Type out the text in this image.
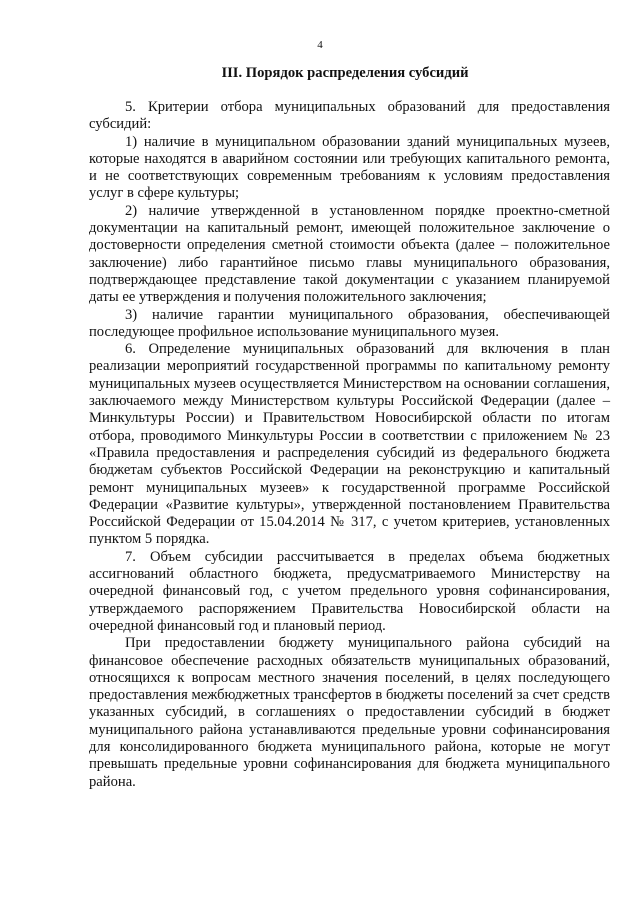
4
III. Порядок распределения субсидий

5. Критерии отбора муниципальных образований для предоставления субсидий:

1) наличие в муниципальном образовании зданий муниципальных музеев, которые находятся в аварийном состоянии или требующих капитального ремонта, и не соответствующих современным требованиям к условиям предоставления услуг в сфере культуры;

2) наличие утвержденной в установленном порядке проектно-сметной документации на капитальный ремонт, имеющей положительное заключение о достоверности определения сметной стоимости объекта (далее – положительное заключение) либо гарантийное письмо главы муниципального образования, подтверждающее представление такой документации с указанием планируемой даты ее утверждения и получения положительного заключения;

3) наличие гарантии муниципального образования, обеспечивающей последующее профильное использование муниципального музея.

6. Определение муниципальных образований для включения в план реализации мероприятий государственной программы по капитальному ремонту муниципальных музеев осуществляется Министерством на основании соглашения, заключаемого между Министерством культуры Российской Федерации (далее – Минкультуры России) и Правительством Новосибирской области по итогам отбора, проводимого Минкультуры России в соответствии с приложением № 23 «Правила предоставления и распределения субсидий из федерального бюджета бюджетам субъектов Российской Федерации на реконструкцию и капитальный ремонт муниципальных музеев» к государственной программе Российской Федерации «Развитие культуры», утвержденной постановлением Правительства Российской Федерации от 15.04.2014 № 317, с учетом критериев, установленных пунктом 5 порядка.

7. Объем субсидии рассчитывается в пределах объема бюджетных ассигнований областного бюджета, предусматриваемого Министерству на очередной финансовый год, с учетом предельного уровня софинансирования, утверждаемого распоряжением Правительства Новосибирской области на очередной финансовый год и плановый период.

При предоставлении бюджету муниципального района субсидий на финансовое обеспечение расходных обязательств муниципальных образований, относящихся к вопросам местного значения поселений, в целях последующего предоставления межбюджетных трансфертов в бюджеты поселений за счет средств указанных субсидий, в соглашениях о предоставлении субсидий в бюджет муниципального района устанавливаются предельные уровни софинансирования для консолидированного бюджета муниципального района, которые не могут превышать предельные уровни софинансирования для бюджета муниципального района.
